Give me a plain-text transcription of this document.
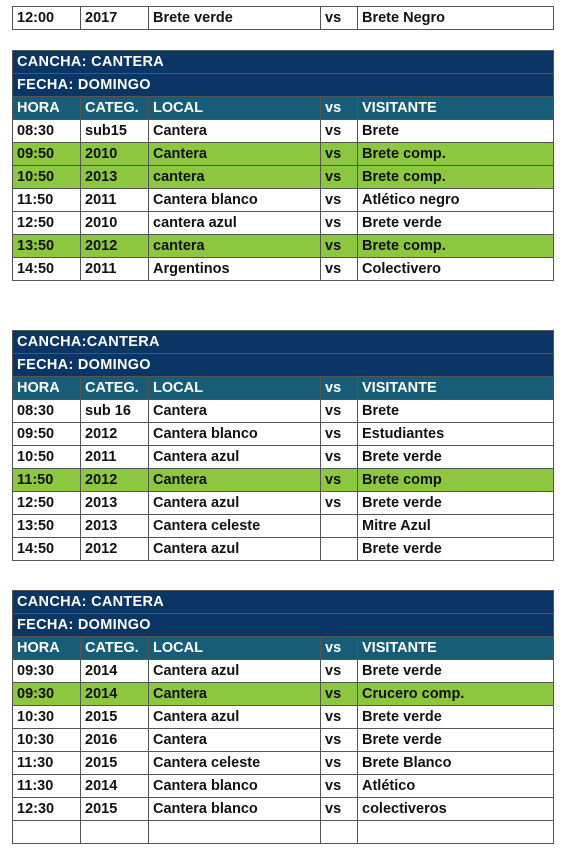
12:00	2017	Brete verde	vs	Brete Negro
CANCHA: CANTERA				
FECHA: DOMINGO				
HORA	CATEG.	LOCAL	vs	VISITANTE
08:30	sub15	Cantera	vs	Brete
09:50	2010	Cantera	vs	Brete comp.
10:50	2013	cantera	vs	Brete comp.
11:50	2011	Cantera blanco	vs	Atlético negro
12:50	2010	cantera azul	vs	Brete verde
13:50	2012	cantera	vs	Brete comp.
14:50	2011	Argentinos	vs	Colectivero
CANCHA:CANTERA				
FECHA: DOMINGO				
HORA	CATEG.	LOCAL	vs	VISITANTE
08:30	sub 16	Cantera	vs	Brete
09:50	2012	Cantera blanco	vs	Estudiantes
10:50	2011	Cantera azul	vs	Brete verde
11:50	2012	Cantera	vs	Brete comp
12:50	2013	Cantera azul	vs	Brete verde
13:50	2013	Cantera celeste		Mitre Azul
14:50	2012	Cantera azul		Brete verde
CANCHA: CANTERA				
FECHA: DOMINGO				
HORA	CATEG.	LOCAL	vs	VISITANTE
09:30	2014	Cantera azul	vs	Brete verde
09:30	2014	Cantera	vs	Crucero comp.
10:30	2015	Cantera azul	vs	Brete verde
10:30	2016	Cantera	vs	Brete verde
11:30	2015	Cantera celeste	vs	Brete Blanco
11:30	2014	Cantera blanco	vs	Atlético
12:30	2015	Cantera blanco	vs	colectiveros
